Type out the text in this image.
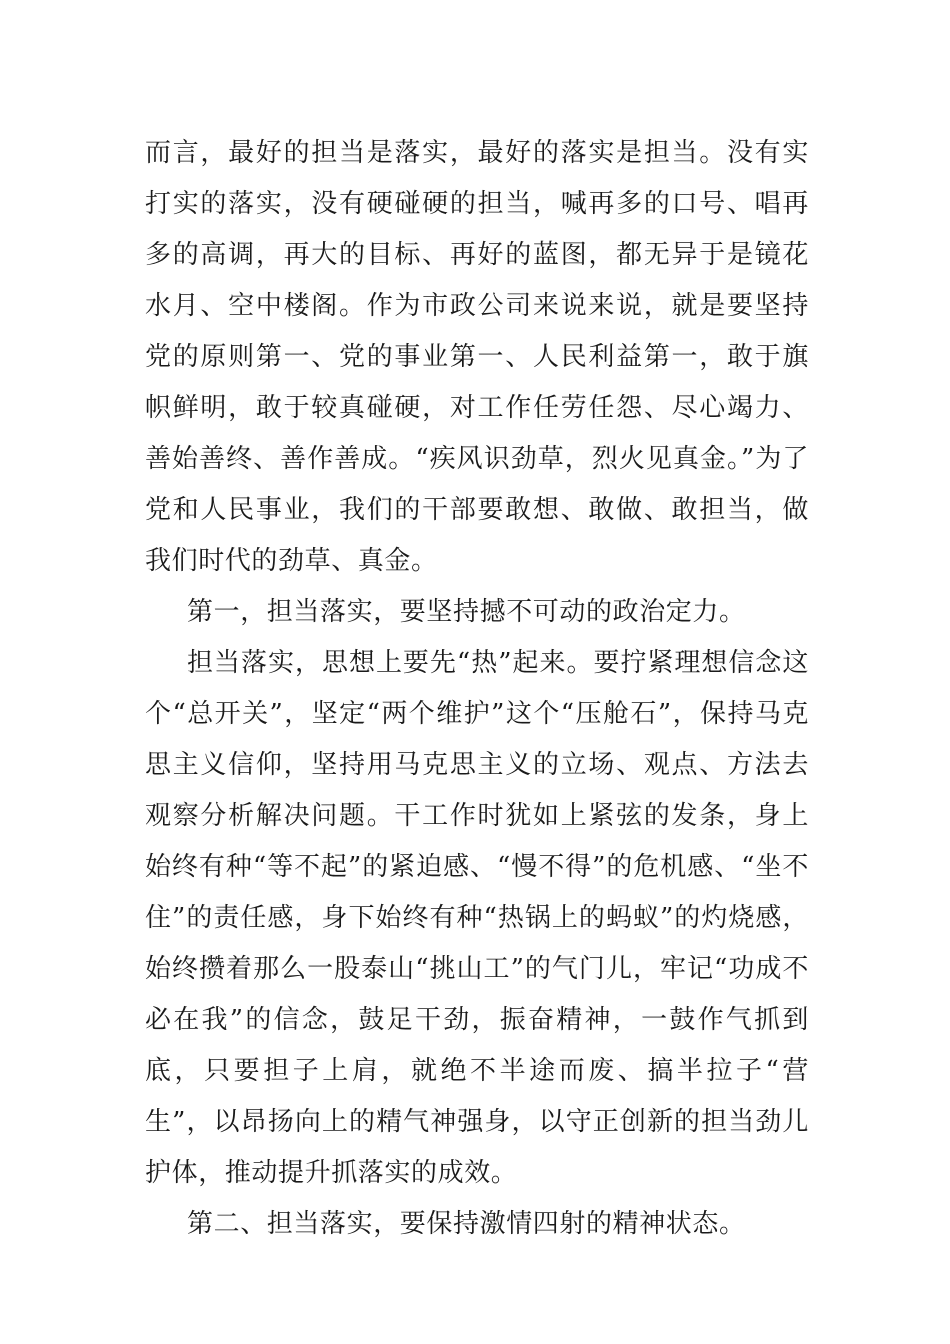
而言，最好的担当是落实，最好的落实是担当。没有实打实的落实，没有硬碰硬的担当，喊再多的口号、唱再多的高调，再大的目标、再好的蓝图，都无异于是镜花水月、空中楼阁。作为市政公司来说来说，就是要坚持党的原则第一、党的事业第一、人民利益第一，敢于旗帜鲜明，敢于较真碰硬，对工作任劳任怨、尽心竭力、善始善终、善作善成。“疾风识劲草，烈火见真金。”为了党和人民事业，我们的干部要敢想、敢做、敢担当，做我们时代的劲草、真金。

第一，担当落实，要坚持撼不可动的政治定力。

担当落实，思想上要先“热”起来。要拧紧理想信念这个“总开关”，坚定“两个维护”这个“压舱石”，保持马克思主义信仰，坚持用马克思主义的立场、观点、方法去观察分析解决问题。干工作时犹如上紧弦的发条，身上始终有种“等不起”的紧迫感、“慢不得”的危机感、“坐不住”的责任感，身下始终有种“热锅上的蚂蚁”的灼烧感，始终攒着那么一股泰山“挑山工”的气门儿，牢记“功成不必在我”的信念，鼓足干劲，振奋精神，一鼓作气抓到底，只要担子上肩，就绝不半途而废、搞半拉子“营生”，以昂扬向上的精气神强身，以守正创新的担当劲儿护体，推动提升抓落实的成效。

第二、担当落实，要保持激情四射的精神状态。
